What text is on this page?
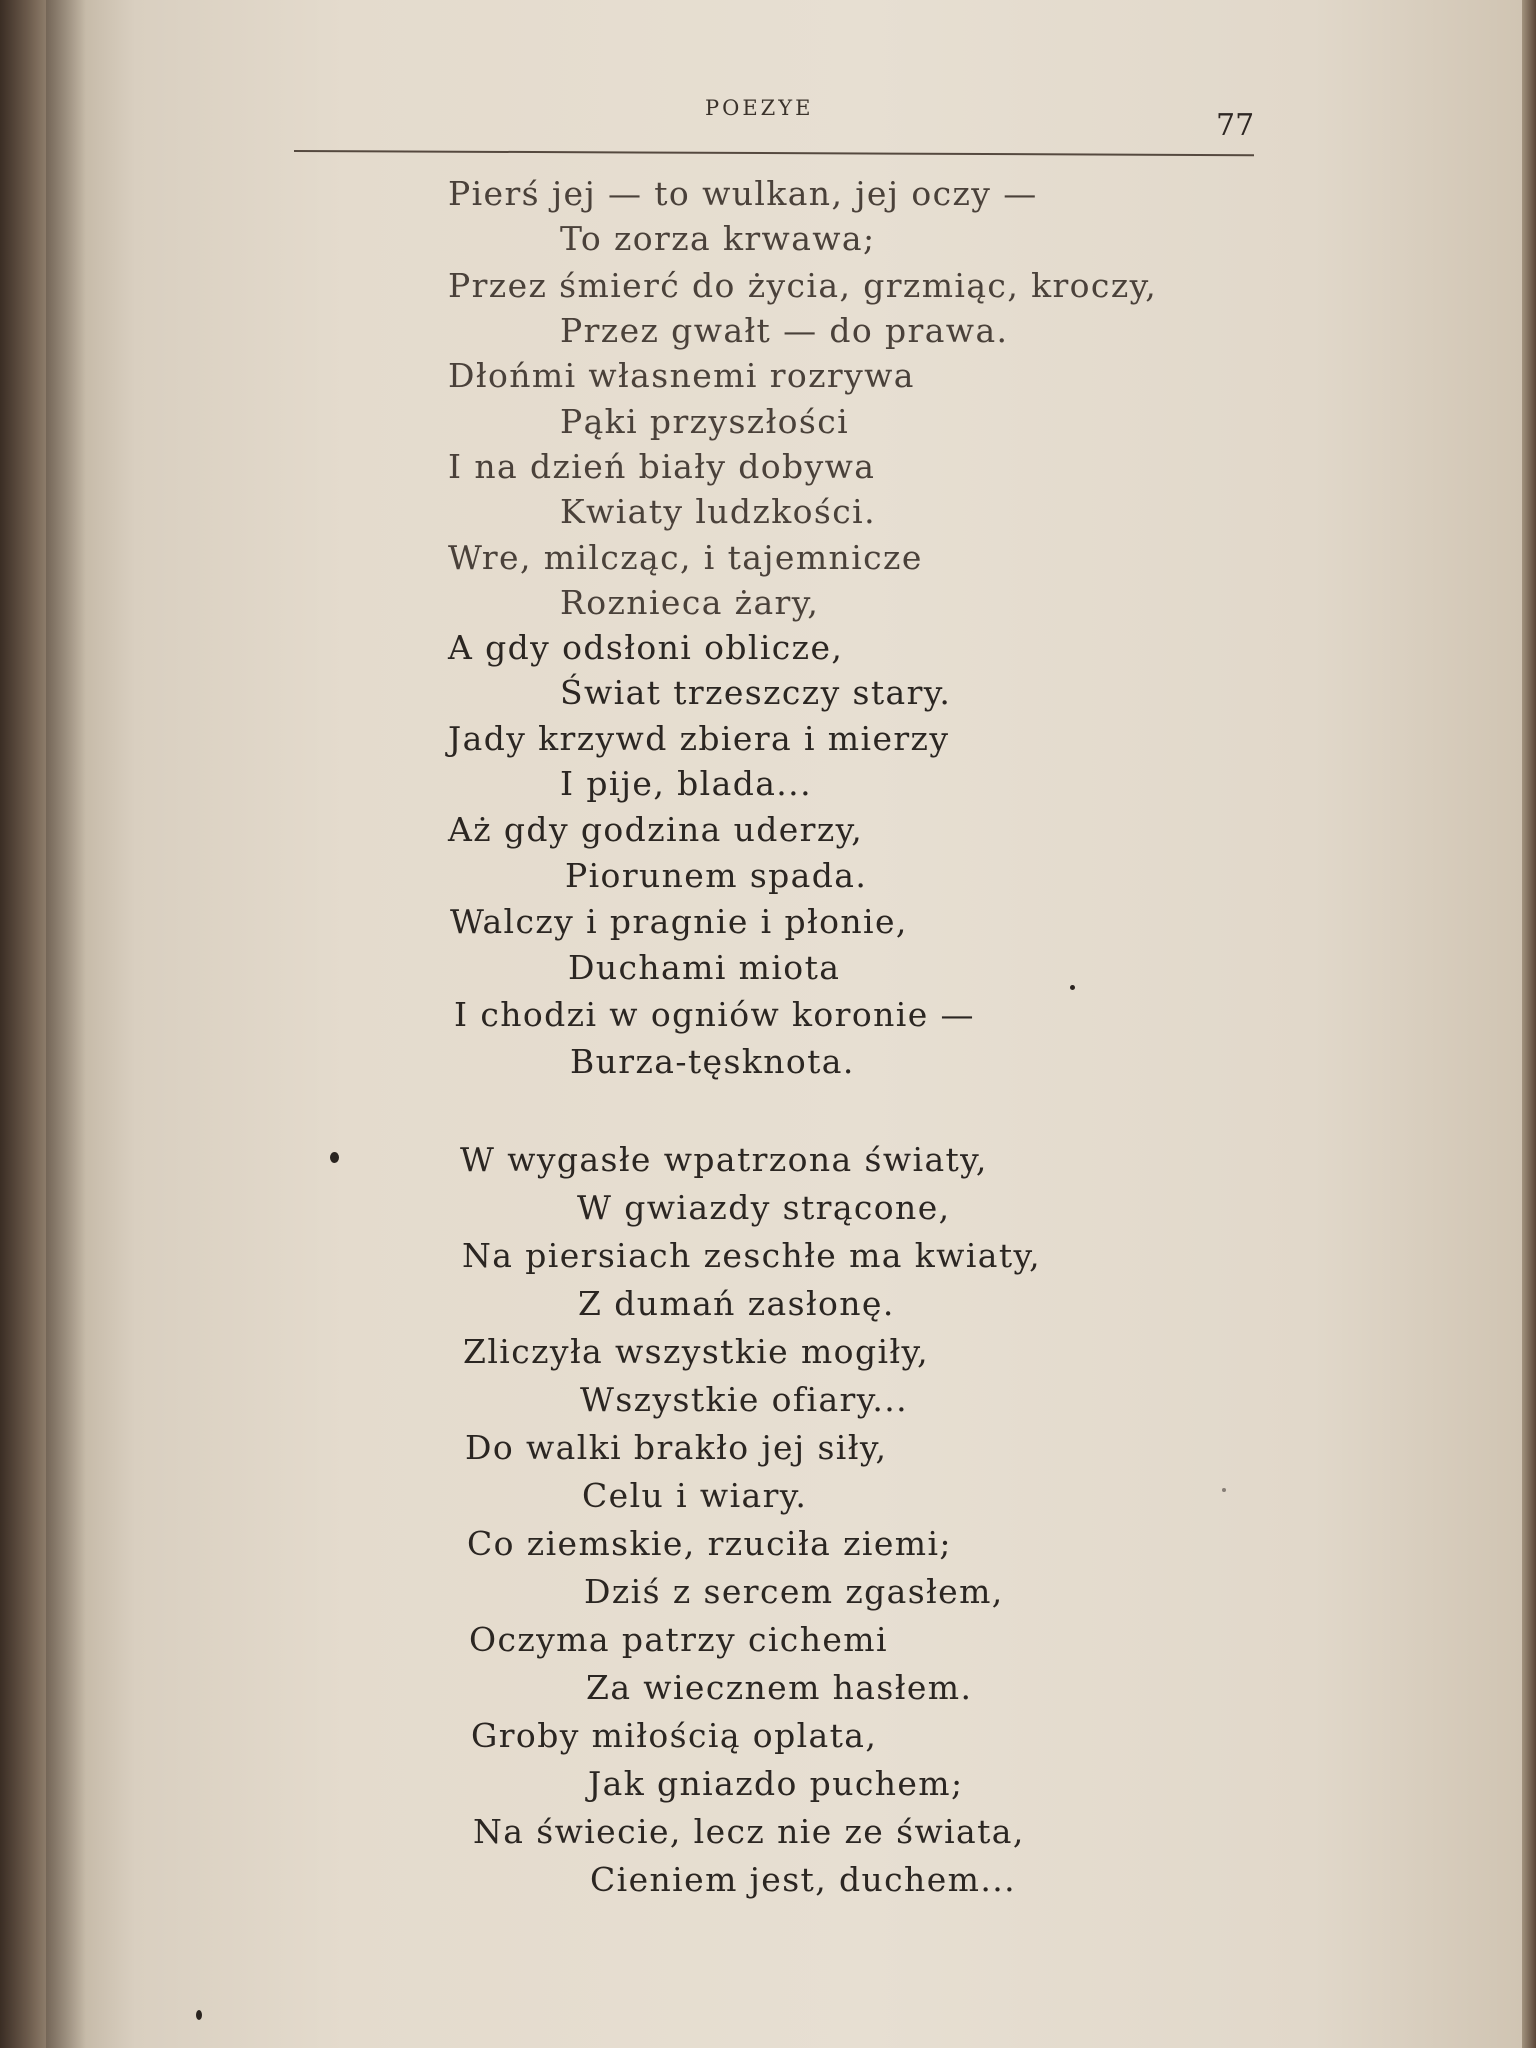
POEZYE	77
Pierś jej — to wulkan, jej oczy —
To zorza krwawa;
Przez śmierć do życia, grzmiąc, kroczy,
Przez gwałt — do prawa.
Dłońmi własnemi rozrywa
Pąki przyszłości
I na dzień biały dobywa
Kwiaty ludzkości.
Wre, milcząc, i tajemnicze
Roznieca żary,
A gdy odsłoni oblicze,
Świat trzeszczy stary.
Jady krzywd zbiera i mierzy
I pije, blada...
Aż gdy godzina uderzy,
Piorunem spada.
Walczy i pragnie i płonie,
Duchami miota
I chodzi w ogniów koronie —
Burza-tęsknota.
W wygasłe wpatrzona światy,
W gwiazdy strącone,
Na piersiach zeschłe ma kwiaty,
Z dumań zasłonę.
Zliczyła wszystkie mogiły,
Wszystkie ofiary...
Do walki brakło jej siły,
Celu i wiary.
Co ziemskie, rzuciła ziemi;
Dziś z sercem zgasłem,
Oczyma patrzy cichemi
Za wiecznem hasłem.
Groby miłością oplata,
Jak gniazdo puchem;
Na świecie, lecz nie ze świata,
Cieniem jest, duchem...
